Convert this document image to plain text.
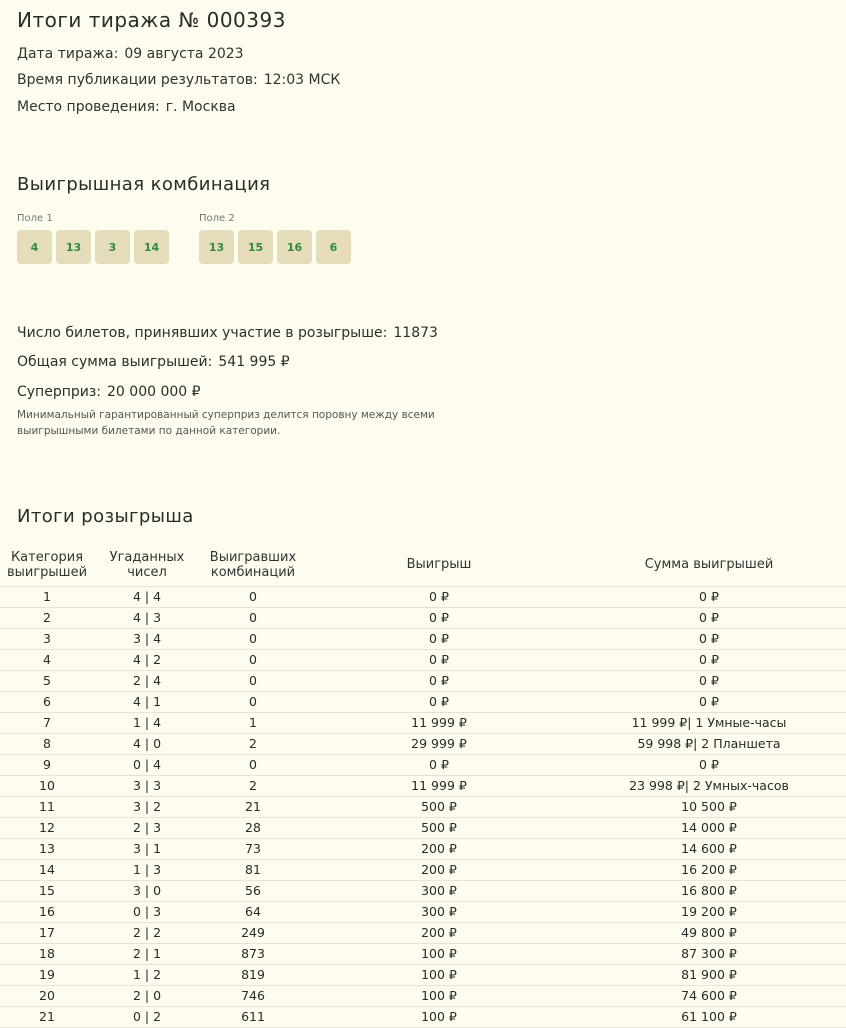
Итоги тиража № 000393
Дата тиража: 09 августа 2023
Время публикации результатов: 12:03 МСК
Место проведения: г. Москва
Выигрышная комбинация
Поле 1
4	13	3	14
Поле 2
13	15	16	6
Число билетов, принявших участие в розыгрыше: 11873
Общая сумма выигрышей: 541 995 ₽
Суперприз: 20 000 000 ₽
Минимальный гарантированный суперприз делится поровну между всеми выигрышными билетами по данной категории.
Итоги розыгрыша
Категория выигрышей	Угаданных чисел	Выигравших комбинаций	Выигрыш	Сумма выигрышей
1	4 | 4	0	0 ₽	0 ₽
2	4 | 3	0	0 ₽	0 ₽
3	3 | 4	0	0 ₽	0 ₽
4	4 | 2	0	0 ₽	0 ₽
5	2 | 4	0	0 ₽	0 ₽
6	4 | 1	0	0 ₽	0 ₽
7	1 | 4	1	11 999 ₽	11 999 ₽| 1 Умные-часы
8	4 | 0	2	29 999 ₽	59 998 ₽| 2 Планшета
9	0 | 4	0	0 ₽	0 ₽
10	3 | 3	2	11 999 ₽	23 998 ₽| 2 Умных-часов
11	3 | 2	21	500 ₽	10 500 ₽
12	2 | 3	28	500 ₽	14 000 ₽
13	3 | 1	73	200 ₽	14 600 ₽
14	1 | 3	81	200 ₽	16 200 ₽
15	3 | 0	56	300 ₽	16 800 ₽
16	0 | 3	64	300 ₽	19 200 ₽
17	2 | 2	249	200 ₽	49 800 ₽
18	2 | 1	873	100 ₽	87 300 ₽
19	1 | 2	819	100 ₽	81 900 ₽
20	2 | 0	746	100 ₽	74 600 ₽
21	0 | 2	611	100 ₽	61 100 ₽
